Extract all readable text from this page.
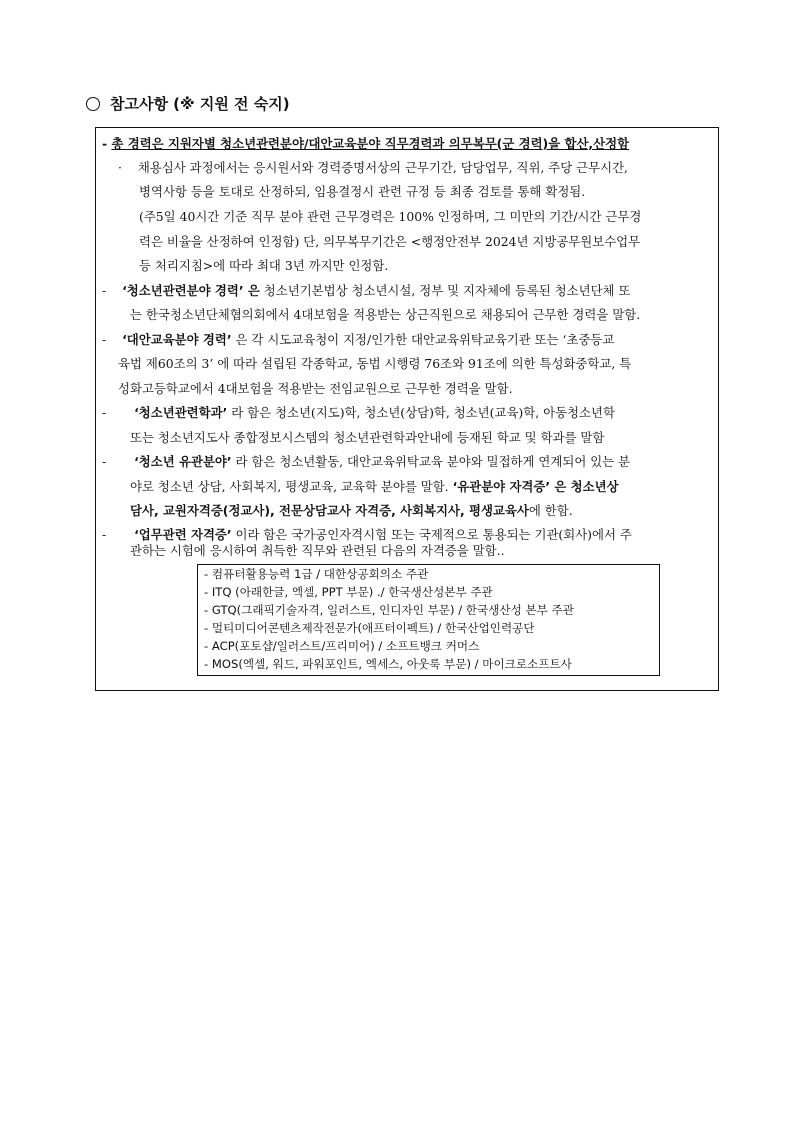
참고사항 (※ 지원 전 숙지)
- 총 경력은 지원자별 청소년관련분야/대안교육분야 직무경력과 의무복무(군 경력)을 합산,산정함
· 채용심사 과정에서는 응시원서와 경력증명서상의 근무기간, 담당업무, 직위, 주당 근무시간,
병역사항 등을 토대로 산정하되, 임용결정시 관련 규정 등 최종 검토를 통해 확정됨.
(주5일 40시간 기준 직무 분야 관련 근무경력은 100% 인정하며, 그 미만의 기간/시간 근무경
력은 비율을 산정하여 인정함) 단, 의무복무기간은 <행정안전부 2024년 지방공무원보수업무
등 처리지침>에 따라 최대 3년 까지만 인정함.
- ‘청소년관련분야 경력’ 은 청소년기본법상 청소년시설, 정부 및 지자체에 등록된 청소년단체 또
는 한국청소년단체협의회에서 4대보험을 적용받는 상근직원으로 채용되어 근무한 경력을 말함.
- ‘대안교육분야 경력’ 은 각 시도교육청이 지정/인가한 대안교육위탁교육기관 또는 ‘초중등교
육법 제60조의 3’ 에 따라 설립된 각종학교, 동법 시행령 76조와 91조에 의한 특성화중학교, 특
성화고등학교에서 4대보험을 적용받는 전임교원으로 근무한 경력을 말함.
- ‘청소년관련학과’ 라 함은 청소년(지도)학, 청소년(상담)학, 청소년(교육)학, 아동청소년학
또는 청소년지도사 종합정보시스템의 청소년관련학과안내에 등재된 학교 및 학과를 말함
- ‘청소년 유관분야’ 라 함은 청소년활동, 대안교육위탁교육 분야와 밀접하게 연계되어 있는 분
야로 청소년 상담, 사회복지, 평생교육, 교육학 분야를 말함. ‘유관분야 자격증’ 은 청소년상
담사, 교원자격증(정교사), 전문상담교사 자격증, 사회복지사, 평생교육사에 한함.
- ‘업무관련 자격증’ 이라 함은 국가공인자격시험 또는 국제적으로 통용되는 기관(회사)에서 주
관하는 시험에 응시하여 취득한 직무와 관련된 다음의 자격증을 말함..
- 컴퓨터활용능력 1급 / 대한상공회의소 주관
- ITQ (아래한글, 엑셀, PPT 부문) ./ 한국생산성본부 주관
- GTQ(그래픽기술자격, 일러스트, 인디자인 부문) / 한국생산성 본부 주관
- 멀티미디어콘텐츠제작전문가(애프터이펙트) / 한국산업인력공단
- ACP(포토샵/일러스트/프리미어) / 소프트뱅크 커머스
- MOS(엑셀, 워드, 파워포인트, 엑세스, 아웃룩 부문) / 마이크로소프트사
